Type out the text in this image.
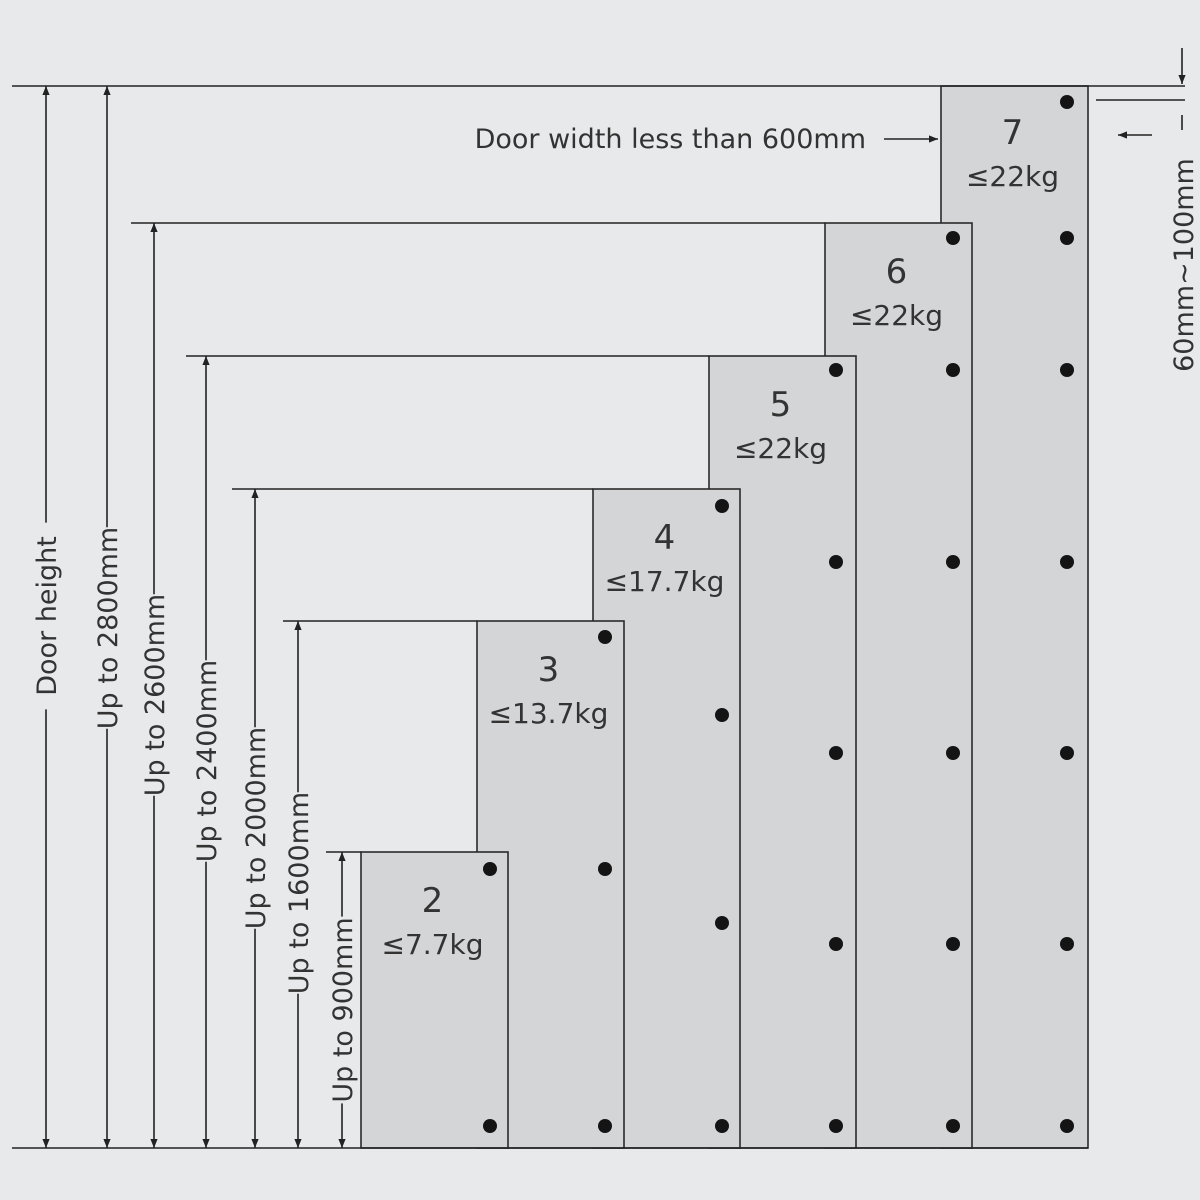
Up to 900mm
Up to 1600mm
Up to 2000mm
Up to 2400mm
Up to 2600mm
Up to 2800mm
Door height
2
≤7.7kg
3
≤13.7kg
4
≤17.7kg
5
≤22kg
6
≤22kg
7
≤22kg
Door width less than 600mm
60mm~100mm
